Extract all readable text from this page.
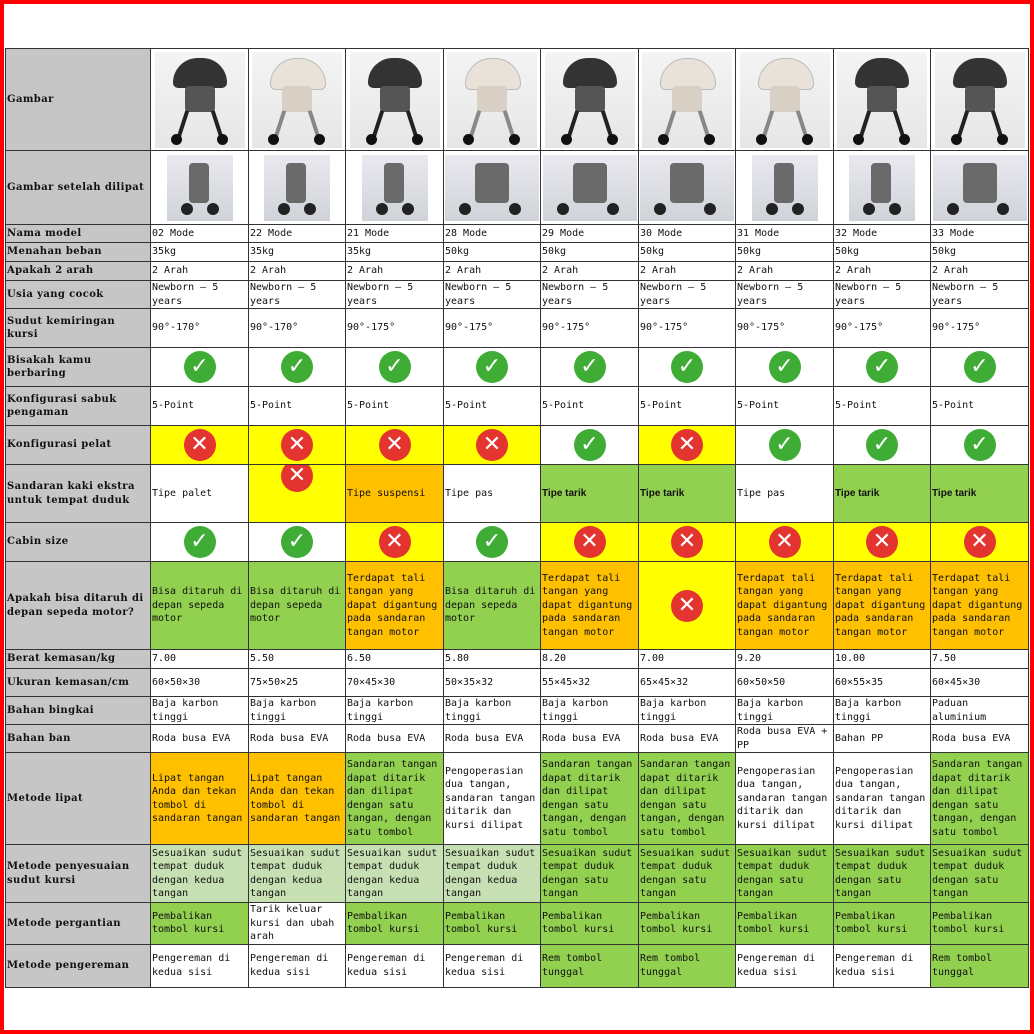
Gambar	

Gambar setelah dilipat	

Nama model	02 Mode	22 Mode	21 Mode	28 Mode	29 Mode	30 Mode	31 Mode	32 Mode	33 Mode
Menahan beban	35kg	35kg	35kg	50kg	50kg	50kg	50kg	50kg	50kg
Apakah 2 arah	2 Arah	2 Arah	2 Arah	2 Arah	2 Arah	2 Arah	2 Arah	2 Arah	2 Arah
Usia yang cocok	Newborn – 5 years	Newborn – 5 years	Newborn – 5 years	Newborn – 5 years	Newborn – 5 years	Newborn – 5 years	Newborn – 5 years	Newborn – 5 years	Newborn – 5 years
Sudut kemiringan kursi	90°-170°	90°-170°	90°-175°	90°-175°	90°-175°	90°-175°	90°-175°	90°-175°	90°-175°
Bisakah kamu berbaring	✓	✓	✓	✓	✓	✓	✓	✓	✓
Konfigurasi sabuk pengaman	5-Point	5-Point	5-Point	5-Point	5-Point	5-Point	5-Point	5-Point	5-Point
Konfigurasi pelat	✕	✕	✕	✕	✓	✕	✓	✓	✓
Sandaran kaki ekstra untuk tempat duduk	Tipe palet	✕	Tipe suspensi	Tipe pas	Tipe tarik	Tipe tarik	Tipe pas	Tipe tarik	Tipe tarik
Cabin size	✓	✓	✕	✓	✕	✕	✕	✕	✕
Apakah bisa ditaruh di depan sepeda motor?	Bisa ditaruh di depan sepeda motor	Bisa ditaruh di depan sepeda motor	Terdapat tali tangan yang dapat digantung pada sandaran tangan motor	Bisa ditaruh di depan sepeda motor	Terdapat tali tangan yang dapat digantung pada sandaran tangan motor	✕	Terdapat tali tangan yang dapat digantung pada sandaran tangan motor	Terdapat tali tangan yang dapat digantung pada sandaran tangan motor	Terdapat tali tangan yang dapat digantung pada sandaran tangan motor
Berat kemasan/kg	7.00	5.50	6.50	5.80	8.20	7.00	9.20	10.00	7.50
Ukuran kemasan/cm	60×50×30	75×50×25	70×45×30	50×35×32	55×45×32	65×45×32	60×50×50	60×55×35	60×45×30
Bahan bingkai	Baja karbon tinggi	Baja karbon tinggi	Baja karbon tinggi	Baja karbon tinggi	Baja karbon tinggi	Baja karbon tinggi	Baja karbon tinggi	Baja karbon tinggi	Paduan aluminium
Bahan ban	Roda busa EVA	Roda busa EVA	Roda busa EVA	Roda busa EVA	Roda busa EVA	Roda busa EVA	Roda busa EVA + PP	Bahan PP	Roda busa EVA
Metode lipat	Lipat tangan Anda dan tekan tombol di sandaran tangan	Lipat tangan Anda dan tekan tombol di sandaran tangan	Sandaran tangan dapat ditarik dan dilipat dengan satu tangan, dengan satu tombol	Pengoperasian dua tangan, sandaran tangan ditarik dan kursi dilipat	Sandaran tangan dapat ditarik dan dilipat dengan satu tangan, dengan satu tombol	Sandaran tangan dapat ditarik dan dilipat dengan satu tangan, dengan satu tombol	Pengoperasian dua tangan, sandaran tangan ditarik dan kursi dilipat	Pengoperasian dua tangan, sandaran tangan ditarik dan kursi dilipat	Sandaran tangan dapat ditarik dan dilipat dengan satu tangan, dengan satu tombol
Metode penyesuaian sudut kursi	Sesuaikan sudut tempat duduk dengan kedua tangan	Sesuaikan sudut tempat duduk dengan kedua tangan	Sesuaikan sudut tempat duduk dengan kedua tangan	Sesuaikan sudut tempat duduk dengan kedua tangan	Sesuaikan sudut tempat duduk dengan satu tangan	Sesuaikan sudut tempat duduk dengan satu tangan	Sesuaikan sudut tempat duduk dengan satu tangan	Sesuaikan sudut tempat duduk dengan satu tangan	Sesuaikan sudut tempat duduk dengan satu tangan
Metode pergantian	Pembalikan tombol kursi	Tarik keluar kursi dan ubah arah	Pembalikan tombol kursi	Pembalikan tombol kursi	Pembalikan tombol kursi	Pembalikan tombol kursi	Pembalikan tombol kursi	Pembalikan tombol kursi	Pembalikan tombol kursi
Metode pengereman	Pengereman di kedua sisi	Pengereman di kedua sisi	Pengereman di kedua sisi	Pengereman di kedua sisi	Rem tombol tunggal	Rem tombol tunggal	Pengereman di kedua sisi	Pengereman di kedua sisi	Rem tombol tunggal
